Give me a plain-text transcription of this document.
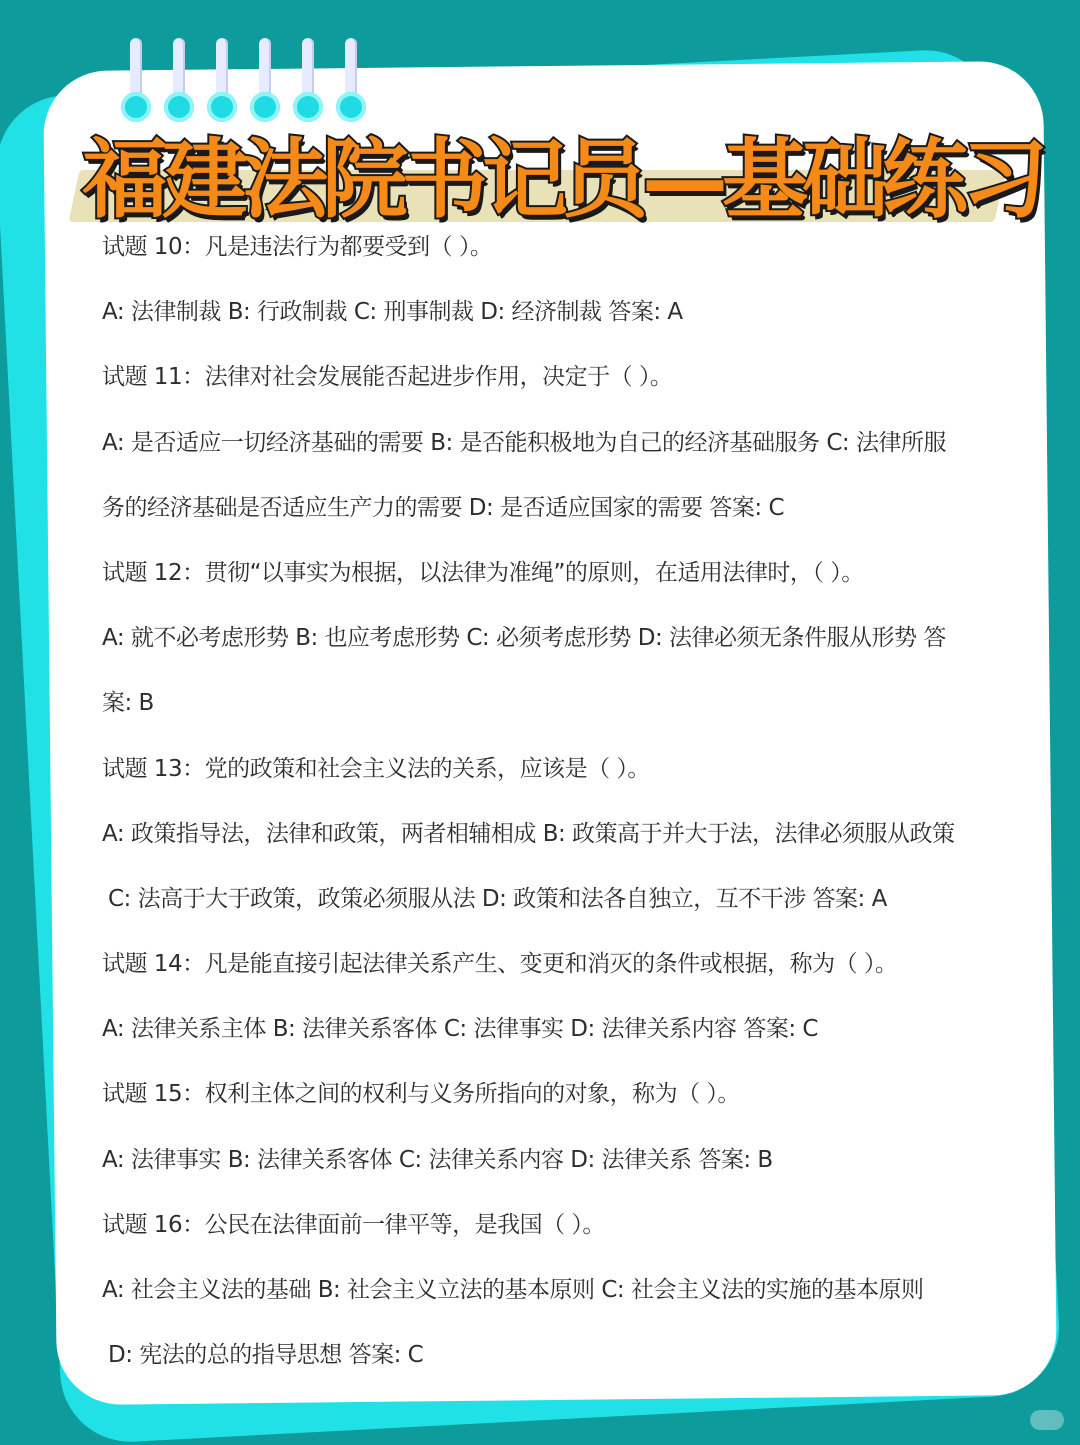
福建法院书记员—基础练习
试题 10：凡是违法行为都要受到（ ）。
A: 法律制裁 B: 行政制裁 C: 刑事制裁 D: 经济制裁 答案: A
试题 11：法律对社会发展能否起进步作用，决定于（ ）。
A: 是否适应一切经济基础的需要 B: 是否能积极地为自己的经济基础服务 C: 法律所服
务的经济基础是否适应生产力的需要 D: 是否适应国家的需要 答案: C
试题 12：贯彻“以事实为根据，以法律为准绳”的原则，在适用法律时，（ ）。
A: 就不必考虑形势 B: 也应考虑形势 C: 必须考虑形势 D: 法律必须无条件服从形势 答
案: B
试题 13：党的政策和社会主义法的关系，应该是（ ）。
A: 政策指导法，法律和政策，两者相辅相成 B: 政策高于并大于法，法律必须服从政策
C: 法高于大于政策，政策必须服从法 D: 政策和法各自独立，互不干涉 答案: A
试题 14：凡是能直接引起法律关系产生、变更和消灭的条件或根据，称为（ ）。
A: 法律关系主体 B: 法律关系客体 C: 法律事实 D: 法律关系内容 答案: C
试题 15：权利主体之间的权利与义务所指向的对象，称为（ ）。
A: 法律事实 B: 法律关系客体 C: 法律关系内容 D: 法律关系 答案: B
试题 16：公民在法律面前一律平等，是我国（ ）。
A: 社会主义法的基础 B: 社会主义立法的基本原则 C: 社会主义法的实施的基本原则
D: 宪法的总的指导思想 答案: C
